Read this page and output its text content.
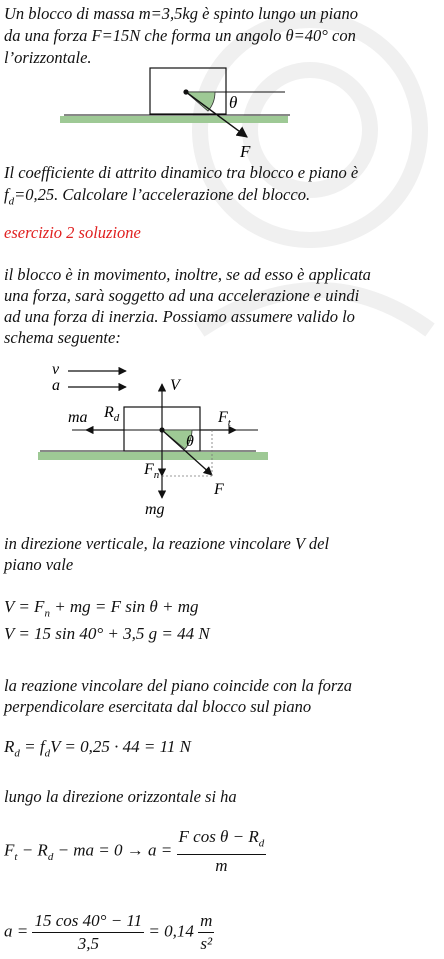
Un blocco di massa m=3,5kg è spinto lungo un piano

da una forza F=15N che forma un angolo θ=40° con

l’orizzontale.

θ
F

Il coefficiente di attrito dinamico tra blocco e piano è

$f_d=0,25$. Calcolare l’accelerazione del blocco.

esercizio 2 soluzione

il blocco è in movimento, inoltre, se ad esso è applicata

una forza, sarà soggetto ad una accelerazione e uindi

ad una forza di inerzia. Possiamo assumere valido lo

schema seguente:

v
a	V
ma $R_d$	$F_t$
θ
F
$F_n$
mg

in direzione verticale, la reazione vincolare V del

piano vale

$V = F_n$ + mg = F sin θ + mg
V = 15 sin 40° + 3,5 g = 44 N

la reazione vincolare del piano coincide con la forza

perpendicolare esercitata dal blocco sul piano

$R_d = f_dV = 0,25 \cdot 44 = 11$ N

lungo la direzione orizzontale si ha

$F_t - R_d$ − ma = $0 \to a = \frac{F \cos \theta - R_d}{m}$
$a = \frac{15 \cos 40^\circ - 11}{3,5} = 0,14 \frac{m}{\text{s²}}$
